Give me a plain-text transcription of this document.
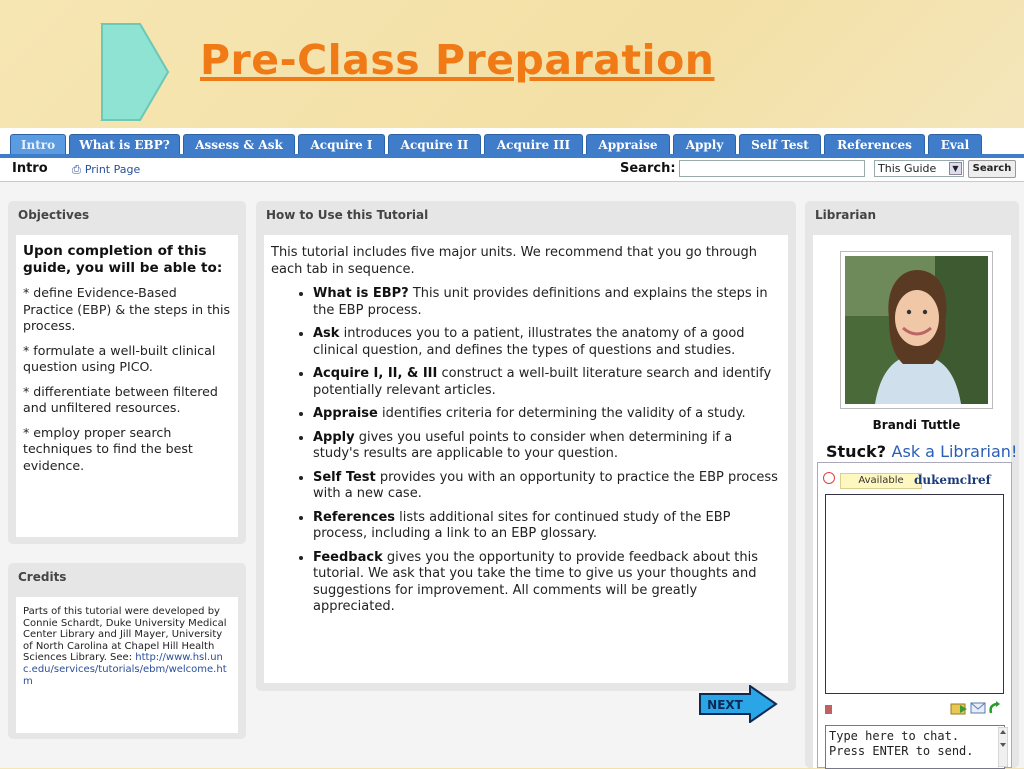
Pre-Class Preparation
Intro	What is EBP?	Assess & Ask	Acquire I	Acquire II	Acquire III	Appraise	Apply	Self Test	References	Eval
Intro ⎙ Print Page	Search:	This Guide	▼	Search
Objectives

Upon completion of this guide, you will be able to:

* define Evidence-Based Practice (EBP) & the steps in this process.

* formulate a well-built clinical question using PICO.

* differentiate between filtered and unfiltered resources.

* employ proper search techniques to find the best evidence.

Credits
Parts of this tutorial were developed by Connie Schardt, Duke University Medical Center Library and Jill Mayer, University of North Carolina at Chapel Hill Health Sciences Library. See: http://www.hsl.unc.edu/services/tutorials/ebm/welcome.htm
How to Use this Tutorial
This tutorial includes five major units. We recommend that you go through each tab in sequence.
• What is EBP? This unit provides definitions and explains the steps in the EBP process.
• Ask introduces you to a patient, illustrates the anatomy of a good clinical question, and defines the types of questions and studies.
• Acquire I, II, & III construct a well-built literature search and identify potentially relevant articles.
• Appraise identifies criteria for determining the validity of a study.
• Apply gives you useful points to consider when determining if a study's results are applicable to your question.
• Self Test provides you with an opportunity to practice the EBP process with a new case.
• References lists additional sites for continued study of the EBP process, including a link to an EBP glossary.
• Feedback gives you the opportunity to provide feedback about this tutorial. We ask that you take the time to give us your thoughts and suggestions for improvement. All comments will be greatly appreciated.
NEXT
Librarian
Brandi Tuttle
Stuck? Ask a Librarian!
Available dukemclref
Type here to chat. Press ENTER to send.
